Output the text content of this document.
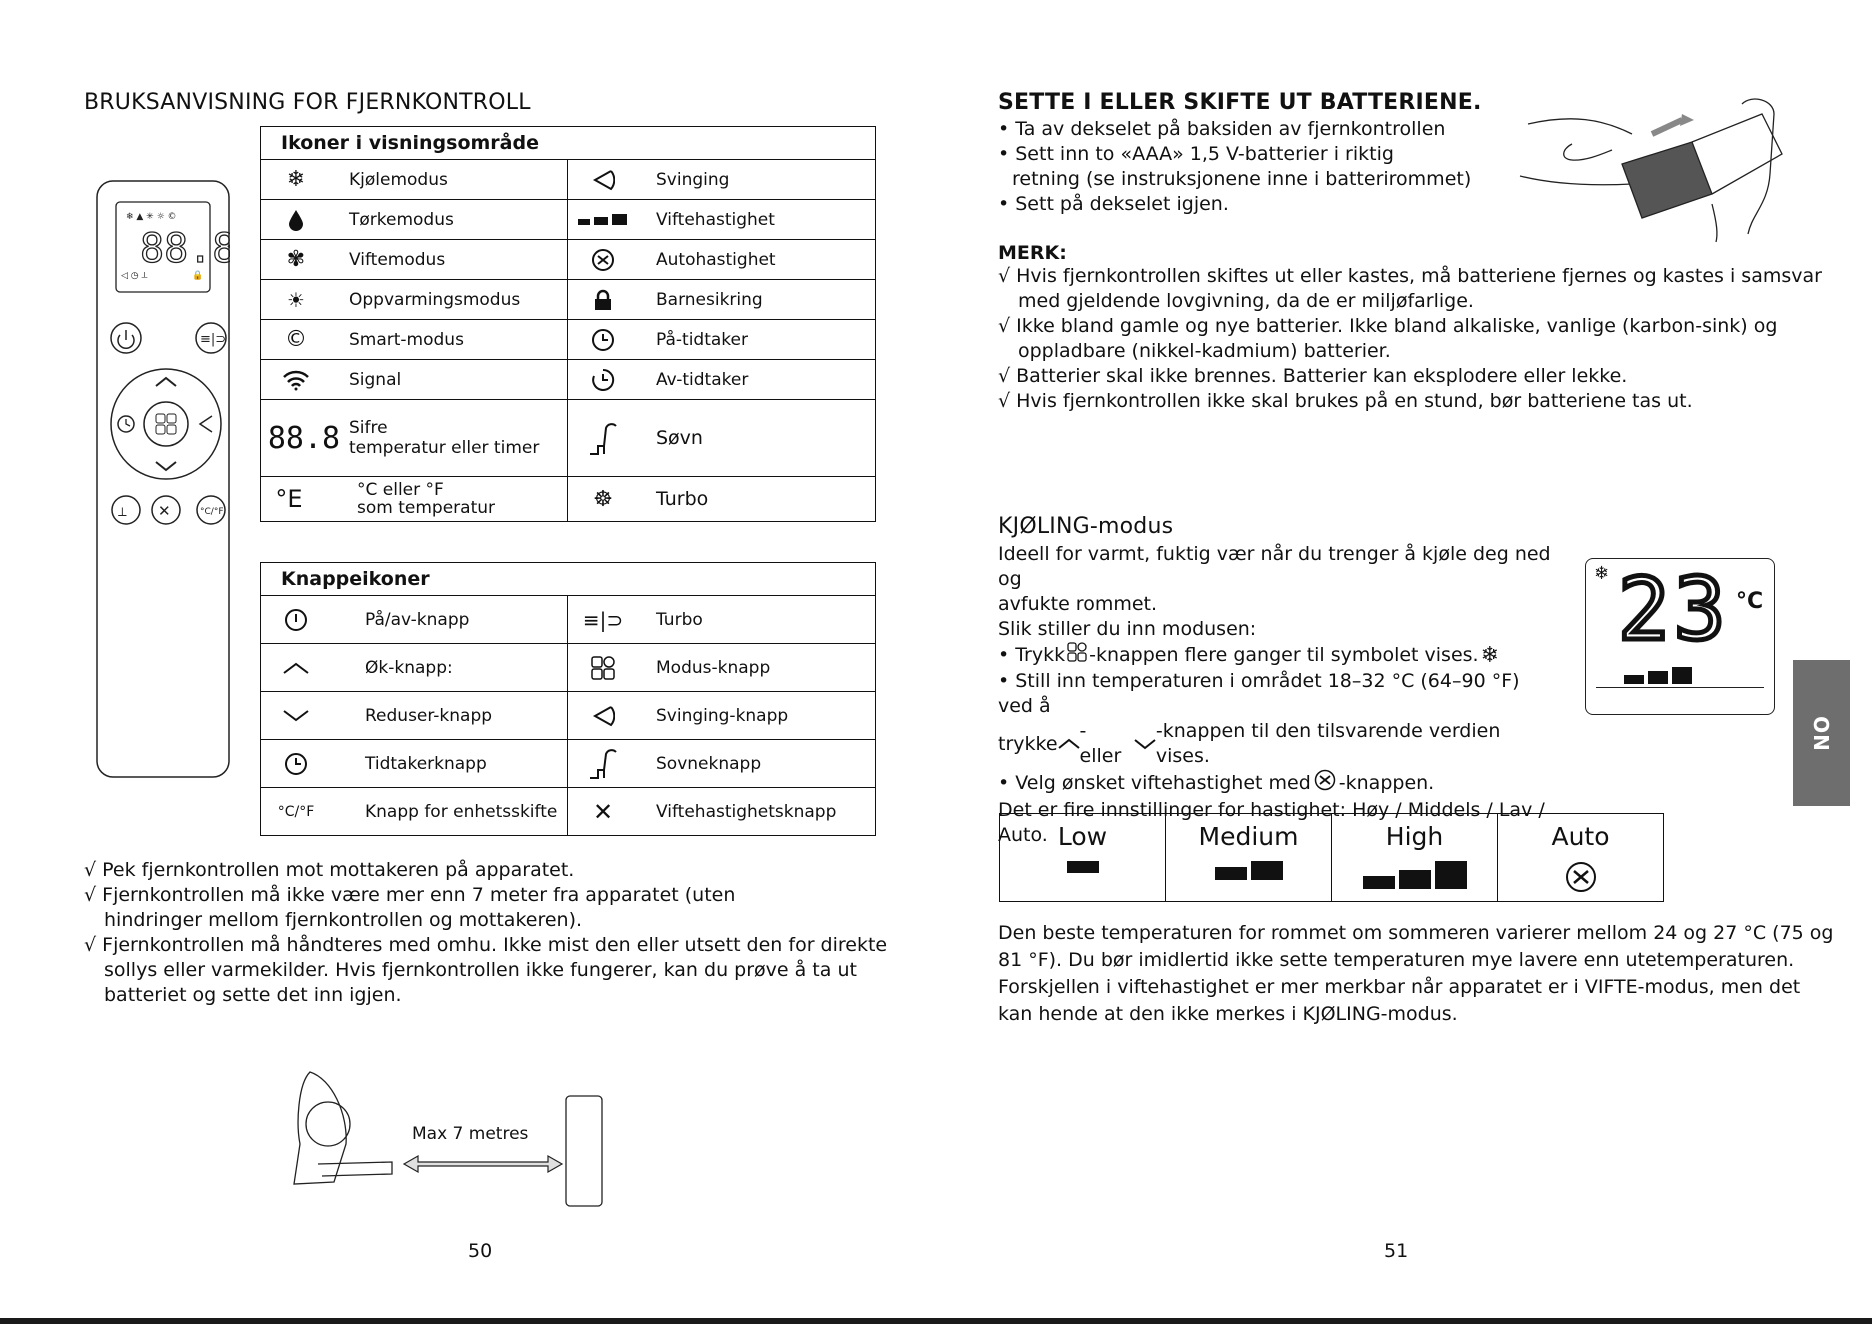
BRUKSANVISNING FOR FJERNKONTROLL
❄ ▲ ✳ ☼ ©
◁ ◷ ⟂	🔒
88.8
≡|⊃
⟂ ✕	°C/°F
Ikoner i visningsområde	

❄ Kjølemodus	Svinging

Tørkemodus	Viftehastighet

✾ Viftemodus	Autohastighet

☀ Oppvarmingsmodus	Barnesikring

© Smart-modus	På-tidtaker

Signal	Av-tidtaker

88.8 Sifre
temperatur eller timer	Søvn

°E °C eller °F
som temperatur	☸ Turbo
Knappeikoner	

På/av-knapp	≡|⊃ Turbo

Øk-knapp:	Modus-knapp

Reduser-knapp	Svinging-knapp

Tidtakerknapp	Sovneknapp

°C/°F Knapp for enhetsskifte	✕ Viftehastighetsknapp
√ Pek fjernkontrollen mot mottakeren på apparatet.
√ Fjernkontrollen må ikke være mer enn 7 meter fra apparatet (uten
hindringer mellom fjernkontrollen og mottakeren).
√ Fjernkontrollen må håndteres med omhu. Ikke mist den eller utsett den for direkte
sollys eller varmekilder. Hvis fjernkontrollen ikke fungerer, kan du prøve å ta ut
batteriet og sette det inn igjen.
Max 7 metres
50
SETTE I ELLER SKIFTE UT BATTERIENE.
• Ta av dekselet på baksiden av fjernkontrollen
• Sett inn to «AAA» 1,5 V-batterier i riktig
retning (se instruksjonene inne i batterirommet)
• Sett på dekselet igjen.
MERK:
√ Hvis fjernkontrollen skiftes ut eller kastes, må batteriene fjernes og kastes i samsvar
med gjeldende lovgivning, da de er miljøfarlige.
√ Ikke bland gamle og nye batterier. Ikke bland alkaliske, vanlige (karbon-sink) og
oppladbare (nikkel-kadmium) batterier.
√ Batterier skal ikke brennes. Batterier kan eksplodere eller lekke.
√ Hvis fjernkontrollen ikke skal brukes på en stund, bør batteriene tas ut.
KJØLING-modus
Ideell for varmt, fuktig vær når du trenger å kjøle deg ned og
avfukte rommet.
Slik stiller du inn modusen:
• Trykk -knappen flere ganger til symbolet vises. ❄
• Still inn temperaturen i området 18–32 °C (64–90 °F) ved å
trykke
- eller
-knappen til den tilsvarende verdien vises.
• Velg ønsket viftehastighet med -knappen.
Det er fire innstillinger for hastighet: Høy / Middels / Lav /
Auto.
❄ 23 °C
Low	Medium	High	Auto
Den beste temperaturen for rommet om sommeren varierer mellom 24 og 27 °C (75 og
81 °F). Du bør imidlertid ikke sette temperaturen mye lavere enn utetemperaturen.
Forskjellen i viftehastighet er mer merkbar når apparatet er i VIFTE-modus, men det
kan hende at den ikke merkes i KJØLING-modus.
NO
51
